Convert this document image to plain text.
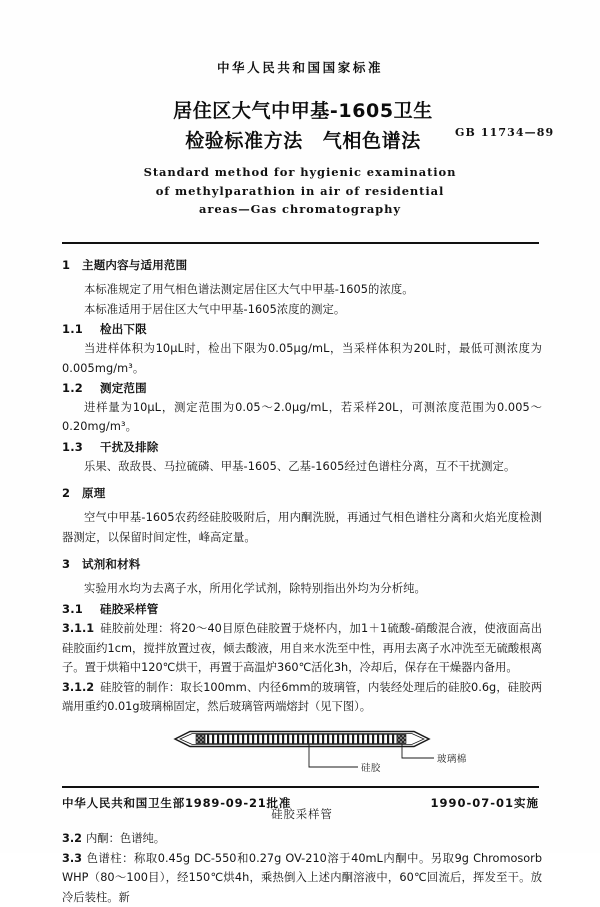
中华人民共和国国家标准
居住区大气中甲基-1605卫生
检验标准方法 气相色谱法	GB 11734—89
Standard method for hygienic examination
of methylparathion in air of residential
areas—Gas chromatography
1 主题内容与适用范围
本标准规定了用气相色谱法测定居住区大气中甲基-1605的浓度。
本标准适用于居住区大气中甲基-1605浓度的测定。
1.1 检出下限
当进样体积为10μL时，检出下限为0.05μg/mL，当采样体积为20L时，最低可测浓度为0.005mg/m³。
1.2 测定范围
进样量为10μL，测定范围为0.05～2.0μg/mL，若采样20L，可测浓度范围为0.005～0.20mg/m³。
1.3 干扰及排除
乐果、敌敌畏、马拉硫磷、甲基-1605、乙基-1605经过色谱柱分离，互不干扰测定。
2 原理
空气中甲基-1605农药经硅胶吸附后，用内酮洗脱，再通过气相色谱柱分离和火焰光度检测器测定，以保留时间定性，峰高定量。
3 试剂和材料
实验用水均为去离子水，所用化学试剂，除特别指出外均为分析纯。
3.1 硅胶采样管
3.1.1 硅胶前处理：将20～40目原色硅胶置于烧杯内，加1＋1硫酸-硝酸混合液，使液面高出硅胶面约1cm，搅拌放置过夜，倾去酸液，用自来水洗至中性，再用去离子水冲洗至无硫酸根离子。置于烘箱中120℃烘干，再置于高温炉360℃活化3h，冷却后，保存在干燥器内备用。
3.1.2 硅胶管的制作：取长100mm、内径6mm的玻璃管，内装经处理后的硅胶0.6g，硅胶两端用重约0.01g玻璃棉固定，然后玻璃管两端熔封（见下图）。
玻璃棉
硅胶
硅胶采样管
3.2 内酮：色谱纯。
3.3 色谱柱：称取0.45g DC-550和0.27g OV-210溶于40mL内酮中。另取9g Chromosorb WHP（80～100目），经150℃烘4h，乘热倒入上述内酮溶液中，60℃回流后，挥发至干。放冷后装柱。新
中华人民共和国卫生部1989-09-21批准	1990-07-01实施
